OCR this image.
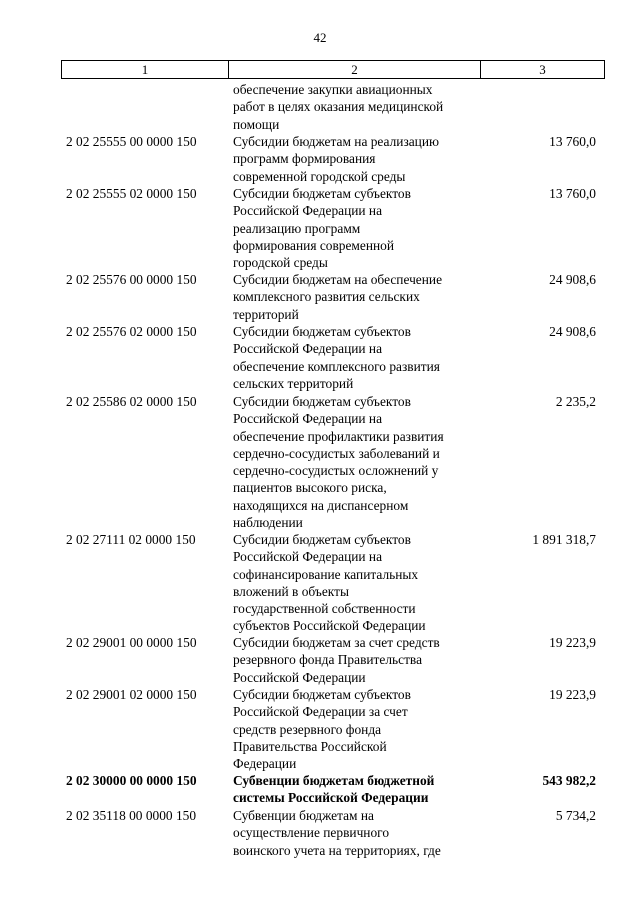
42
1	2	3
обеспечение закупки авиационных
работ в целях оказания медицинской
помощи
2 02 25555 00 0000 150	Субсидии бюджетам на реализацию
программ формирования
современной городской среды
13 760,0
2 02 25555 02 0000 150	Субсидии бюджетам субъектов
Российской Федерации на
реализацию программ
формирования современной
городской среды
13 760,0
2 02 25576 00 0000 150	Субсидии бюджетам на обеспечение
комплексного развития сельских
территорий
24 908,6
2 02 25576 02 0000 150	Субсидии бюджетам субъектов
Российской Федерации на
обеспечение комплексного развития
сельских территорий
24 908,6
2 02 25586 02 0000 150	Субсидии бюджетам субъектов
Российской Федерации на
обеспечение профилактики развития
сердечно-сосудистых заболеваний и
сердечно-сосудистых осложнений у
пациентов высокого риска,
находящихся на диспансерном
наблюдении
2 235,2
2 02 27111 02 0000 150	Субсидии бюджетам субъектов
Российской Федерации на
софинансирование капитальных
вложений в объекты
государственной собственности
субъектов Российской Федерации
1 891 318,7
2 02 29001 00 0000 150	Субсидии бюджетам за счет средств
резервного фонда Правительства
Российской Федерации
19 223,9
2 02 29001 02 0000 150	Субсидии бюджетам субъектов
Российской Федерации за счет
средств резервного фонда
Правительства Российской
Федерации
19 223,9
2 02 30000 00 0000 150	Субвенции бюджетам бюджетной
системы Российской Федерации
543 982,2
2 02 35118 00 0000 150	Субвенции бюджетам на
осуществление первичного
воинского учета на территориях, где
5 734,2
